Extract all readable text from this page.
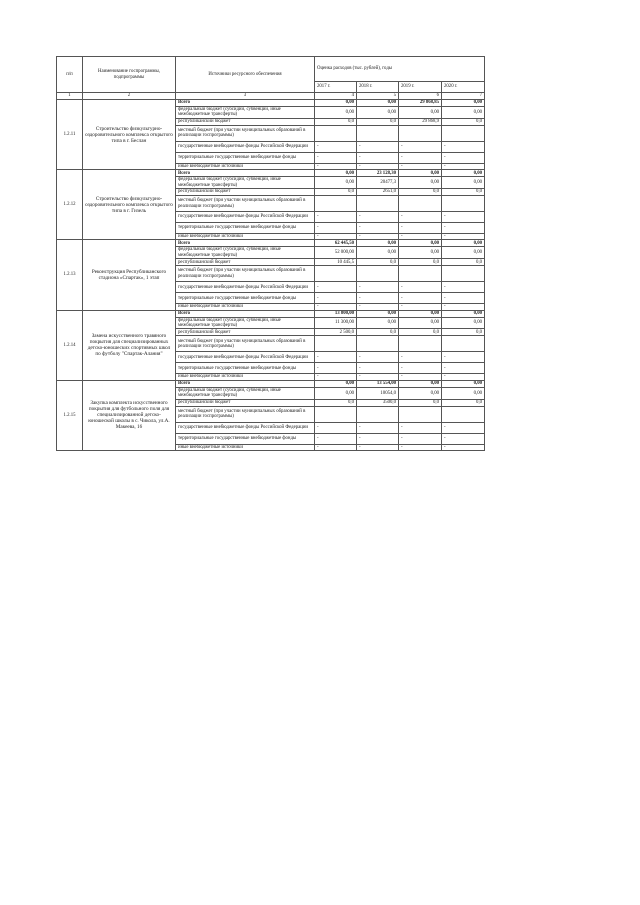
п/п	Наименование госпрограммы, подпрограммы	Источники ресурсного обеспечения	Оценка расходов (тыс. рублей), годы			
			2017 г.	2018 г.	2019 г.	2020 г.
1	2	3	4	5	6	7
1.2.11	Строительство физкультурно-оздоровительного комплекса открытого типа в г. Беслан	Всего	0,00	0,00	29 868,85	0,00
		федеральный бюджет (субсидии, субвенции, иные межбюджетные трансферты)	0,00	0,00	0,00	0,00
		республиканский бюджет	0,0	0,0	29 868,9	0,0
		местный бюджет (при участии муниципальных образований в реализации госпрограммы)				
		государственные внебюджетные фонды Российской Федерации	-	-	-	-
		территориальные государственные внебюджетные фонды	-	-	-	-
		иные внебюджетные источники	-	-	-	-
1.2.12	Строительство физкультурно-оздоровительного комплекса открытого типа в г. Гизель	Всего	0,00	23 128,30	0,00	0,00
		федеральный бюджет (субсидии, субвенции, иные межбюджетные трансферты)	0,00	20477,3	0,00	0,00
		республиканский бюджет	0,0	2651,0	0,0	0,0
		местный бюджет (при участии муниципальных образований в реализации госпрограммы)				
		государственные внебюджетные фонды Российской Федерации	-	-	-	-
		территориальные государственные внебюджетные фонды	-	-	-	-
		иные внебюджетные источники	-	-	-	-
1.2.13	Реконструкция Республиканского стадиона «Спартак», 1 этап	Всего	62 445,50	0,00	0,00	0,00
		федеральный бюджет (субсидии, субвенции, иные межбюджетные трансферты)	52 000,00	0,00	0,00	0,00
		республиканский бюджет	10 445,5	0,0	0,0	0,0
		местный бюджет (при участии муниципальных образований в реализации госпрограммы)				
		государственные внебюджетные фонды Российской Федерации	-	-	-	-
		территориальные государственные внебюджетные фонды	-	-	-	-
		иные внебюджетные источники	-	-	-	-
1.2.14	Замена искусственного травяного покрытия для специализированных детско-юношеских спортивных школ по футболу "Спартак-Алания"	Всего	13 800,00	0,00	0,00	0,00
		федеральный бюджет (субсидии, субвенции, иные межбюджетные трансферты)	11 300,00	0,00	0,00	0,00
		республиканский бюджет	2 500,0	0,0	0,0	0,0
		местный бюджет (при участии муниципальных образований в реализации госпрограммы)				
		государственные внебюджетные фонды Российской Федерации	-	-	-	-
		территориальные государственные внебюджетные фонды	-	-	-	-
		иные внебюджетные источники	-	-	-	-
1.2.15	Закупка комплекта искусственного покрытия для футбольного поля для специализированной детско-юношеской школы в с. Чикола, ул.А. Макеева, 16	Всего	0,00	13 554,00	0,00	0,00
		федеральный бюджет (субсидии, субвенции, иные межбюджетные трансферты)	0,00	10054,0	0,00	0,00
		республиканский бюджет	0,0	3500,0	0,0	0,0
		местный бюджет (при участии муниципальных образований в реализации госпрограммы)				
		государственные внебюджетные фонды Российской Федерации	-	-	-	-
		территориальные государственные внебюджетные фонды	-	-	-	-
		иные внебюджетные источники	-	-	-	-
